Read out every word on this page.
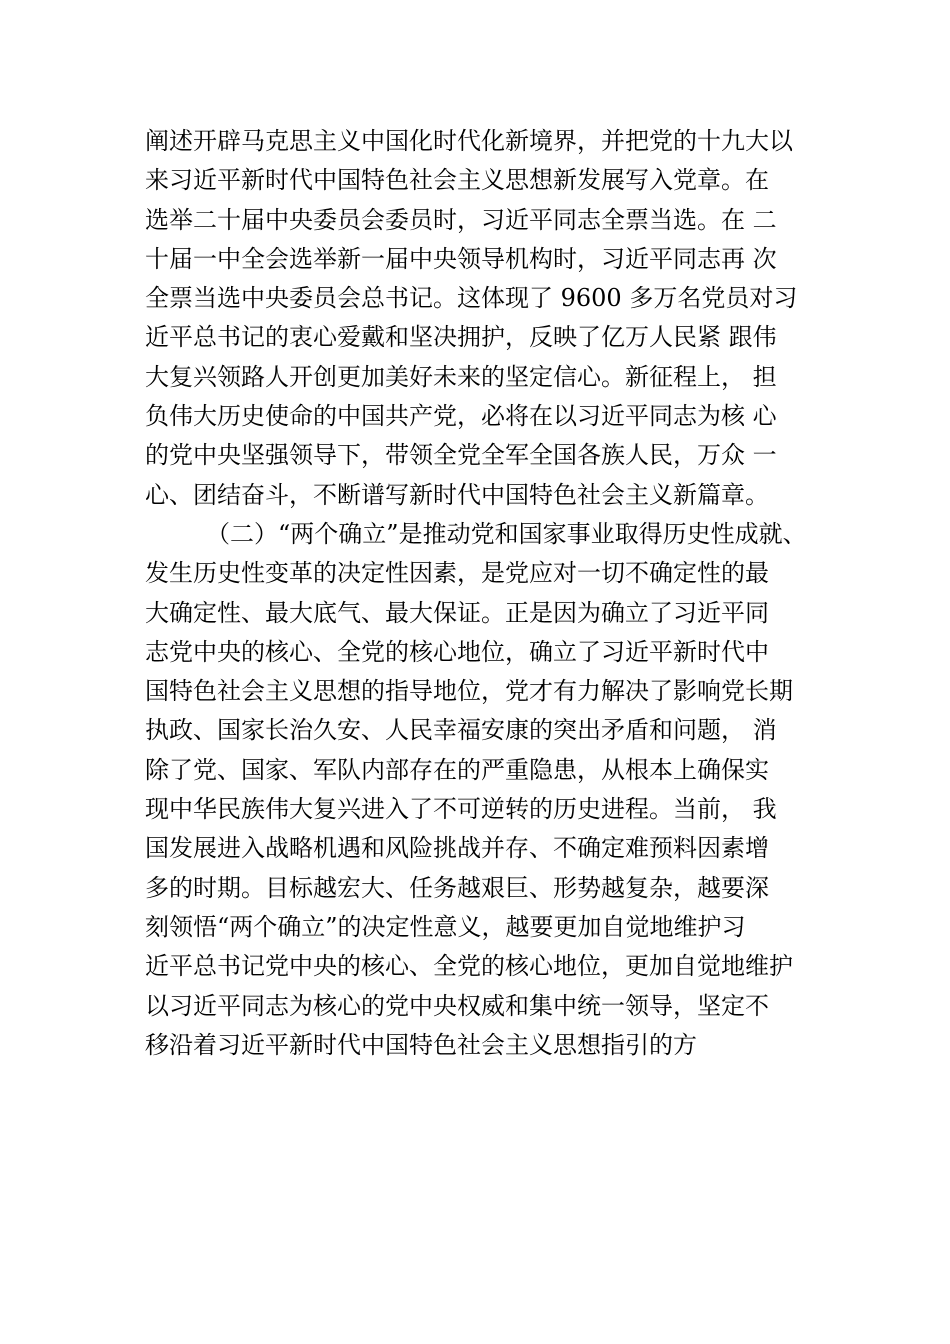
阐述开辟马克思主义中国化时代化新境界，并把党的十九大以
来习近平新时代中国特色社会主义思想新发展写入党章。在
选举二十届中央委员会委员时，习近平同志全票当选。在 二
十届一中全会选举新一届中央领导机构时，习近平同志再 次
全票当选中央委员会总书记。这体现了 9600 多万名党员对习
近平总书记的衷心爱戴和坚决拥护，反映了亿万人民紧 跟伟
大复兴领路人开创更加美好未来的坚定信心。新征程上， 担
负伟大历史使命的中国共产党，必将在以习近平同志为核 心
的党中央坚强领导下，带领全党全军全国各族人民，万众 一
心、团结奋斗，不断谱写新时代中国特色社会主义新篇章。
（二）“两个确立”是推动党和国家事业取得历史性成就、
发生历史性变革的决定性因素，是党应对一切不确定性的最
大确定性、最大底气、最大保证。正是因为确立了习近平同
志党中央的核心、全党的核心地位，确立了习近平新时代中
国特色社会主义思想的指导地位，党才有力解决了影响党长期
执政、国家长治久安、人民幸福安康的突出矛盾和问题， 消
除了党、国家、军队内部存在的严重隐患，从根本上确保实
现中华民族伟大复兴进入了不可逆转的历史进程。当前， 我
国发展进入战略机遇和风险挑战并存、不确定难预料因素增
多的时期。目标越宏大、任务越艰巨、形势越复杂，越要深
刻领悟“两个确立”的决定性意义，越要更加自觉地维护习
近平总书记党中央的核心、全党的核心地位，更加自觉地维护
以习近平同志为核心的党中央权威和集中统一领导，坚定不
移沿着习近平新时代中国特色社会主义思想指引的方
